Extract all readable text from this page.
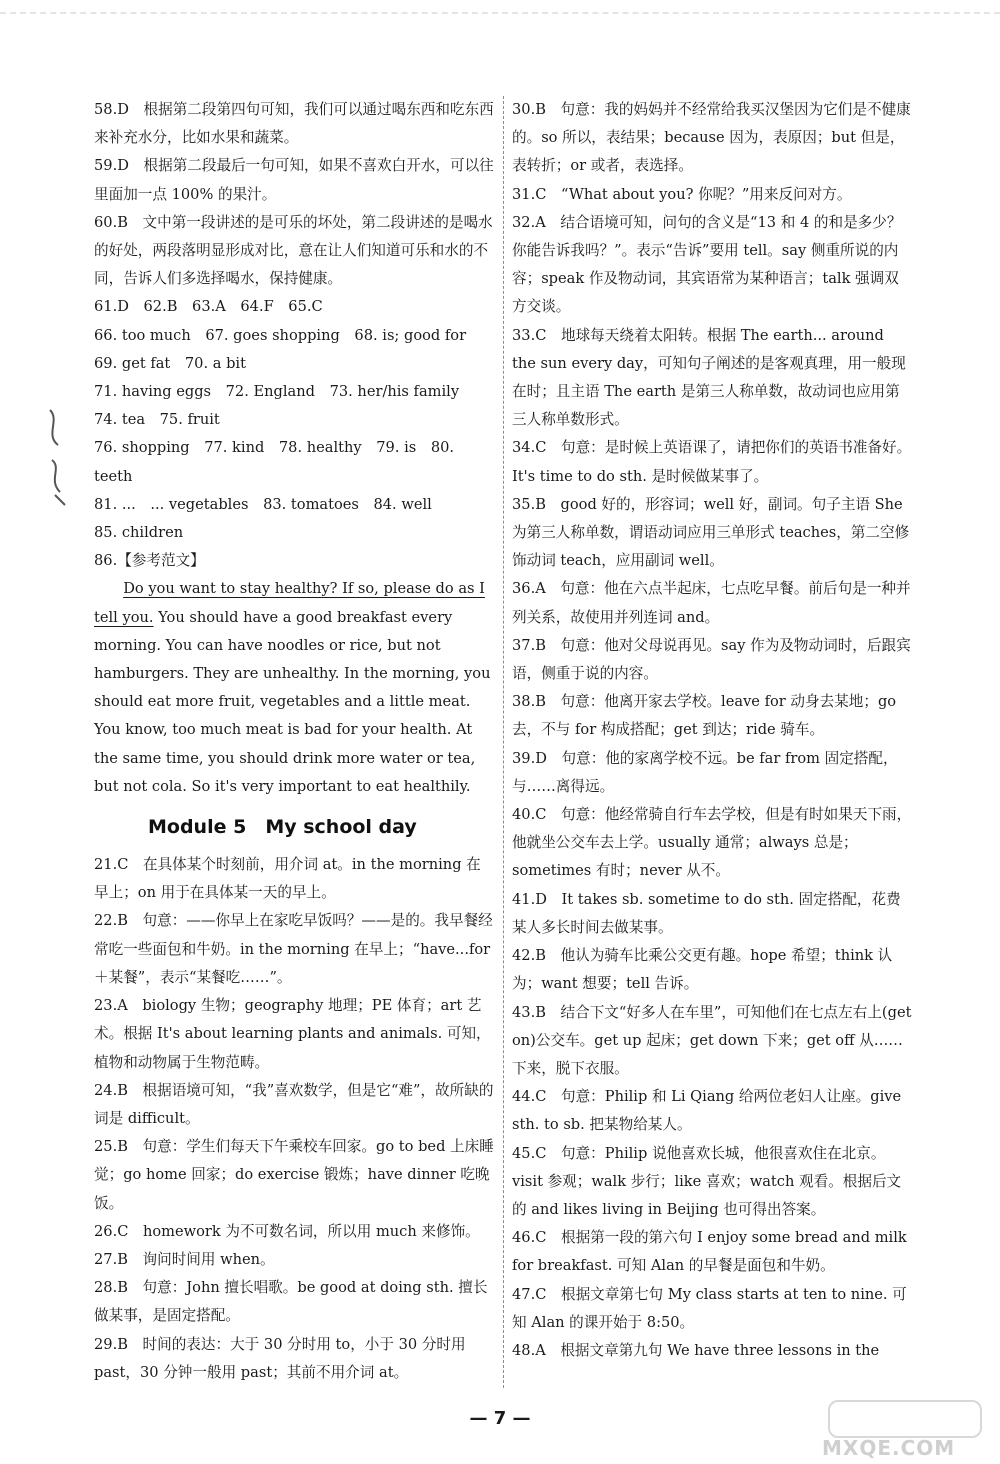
58.D　根据第二段第四句可知，我们可以通过喝东西和吃东西来补充水分，比如水果和蔬菜。

59.D　根据第二段最后一句可知，如果不喜欢白开水，可以往里面加一点 100% 的果汁。

60.B　文中第一段讲述的是可乐的坏处，第二段讲述的是喝水的好处，两段落明显形成对比，意在让人们知道可乐和水的不同，告诉人们多选择喝水，保持健康。

61.D　62.B　63.A　64.F　65.C

66. too much　67. goes shopping　68. is; good for

69. get fat　70. a bit

71. having eggs　72. England　73. her/his family

74. tea　75. fruit

76. shopping　77. kind　78. healthy　79. is　80. teeth

81. ...　... vegetables　83. tomatoes　84. well

85. children

86.【参考范文】

Do you want to stay healthy? If so, please do as I tell you. You should have a good breakfast every morning. You can have noodles or rice, but not hamburgers. They are unhealthy. In the morning, you should eat more fruit, vegetables and a little meat. You know, too much meat is bad for your health. At the same time, you should drink more water or tea, but not cola. So it's very important to eat healthily.

Module 5　My school day

21.C　在具体某个时刻前，用介词 at。in the morning 在早上；on 用于在具体某一天的早上。

22.B　句意：——你早上在家吃早饭吗？——是的。我早餐经常吃一些面包和牛奶。in the morning 在早上；“have...for＋某餐”，表示“某餐吃……”。

23.A　biology 生物；geography 地理；PE 体育；art 艺术。根据 It's about learning plants and animals. 可知，植物和动物属于生物范畴。

24.B　根据语境可知，“我”喜欢数学，但是它“难”，故所缺的词是 difficult。

25.B　句意：学生们每天下午乘校车回家。go to bed 上床睡觉；go home 回家；do exercise 锻炼；have dinner 吃晚饭。

26.C　homework 为不可数名词，所以用 much 来修饰。

27.B　询问时间用 when。

28.B　句意：John 擅长唱歌。be good at doing sth. 擅长做某事，是固定搭配。

29.B　时间的表达：大于 30 分时用 to，小于 30 分时用 past，30 分钟一般用 past；其前不用介词 at。

30.B　句意：我的妈妈并不经常给我买汉堡因为它们是不健康的。so 所以，表结果；because 因为，表原因；but 但是，表转折；or 或者，表选择。

31.C　“What about you? 你呢？”用来反问对方。

32.A　结合语境可知，问句的含义是“13 和 4 的和是多少？你能告诉我吗？”。表示“告诉”要用 tell。say 侧重所说的内容；speak 作及物动词，其宾语常为某种语言；talk 强调双方交谈。

33.C　地球每天绕着太阳转。根据 The earth... around the sun every day，可知句子阐述的是客观真理，用一般现在时；且主语 The earth 是第三人称单数，故动词也应用第三人称单数形式。

34.C　句意：是时候上英语课了，请把你们的英语书准备好。It's time to do sth. 是时候做某事了。

35.B　good 好的，形容词；well 好，副词。句子主语 She 为第三人称单数，谓语动词应用三单形式 teaches，第二空修饰动词 teach，应用副词 well。

36.A　句意：他在六点半起床，七点吃早餐。前后句是一种并列关系，故使用并列连词 and。

37.B　句意：他对父母说再见。say 作为及物动词时，后跟宾语，侧重于说的内容。

38.B　句意：他离开家去学校。leave for 动身去某地；go 去，不与 for 构成搭配；get 到达；ride 骑车。

39.D　句意：他的家离学校不远。be far from 固定搭配，与……离得远。

40.C　句意：他经常骑自行车去学校，但是有时如果天下雨，他就坐公交车去上学。usually 通常；always 总是；sometimes 有时；never 从不。

41.D　It takes sb. sometime to do sth. 固定搭配，花费某人多长时间去做某事。

42.B　他认为骑车比乘公交更有趣。hope 希望；think 认为；want 想要；tell 告诉。

43.B　结合下文“好多人在车里”，可知他们在七点左右上(get on)公交车。get up 起床；get down 下来；get off 从……下来，脱下衣服。

44.C　句意：Philip 和 Li Qiang 给两位老妇人让座。give sth. to sb. 把某物给某人。

45.C　句意：Philip 说他喜欢长城，他很喜欢住在北京。visit 参观；walk 步行；like 喜欢；watch 观看。根据后文的 and likes living in Beijing 也可得出答案。

46.C　根据第一段的第六句 I enjoy some bread and milk for breakfast. 可知 Alan 的早餐是面包和牛奶。

47.C　根据文章第七句 My class starts at ten to nine. 可知 Alan 的课开始于 8:50。

48.A　根据文章第九句 We have three lessons in the

— 7 —
MXQE.COM
